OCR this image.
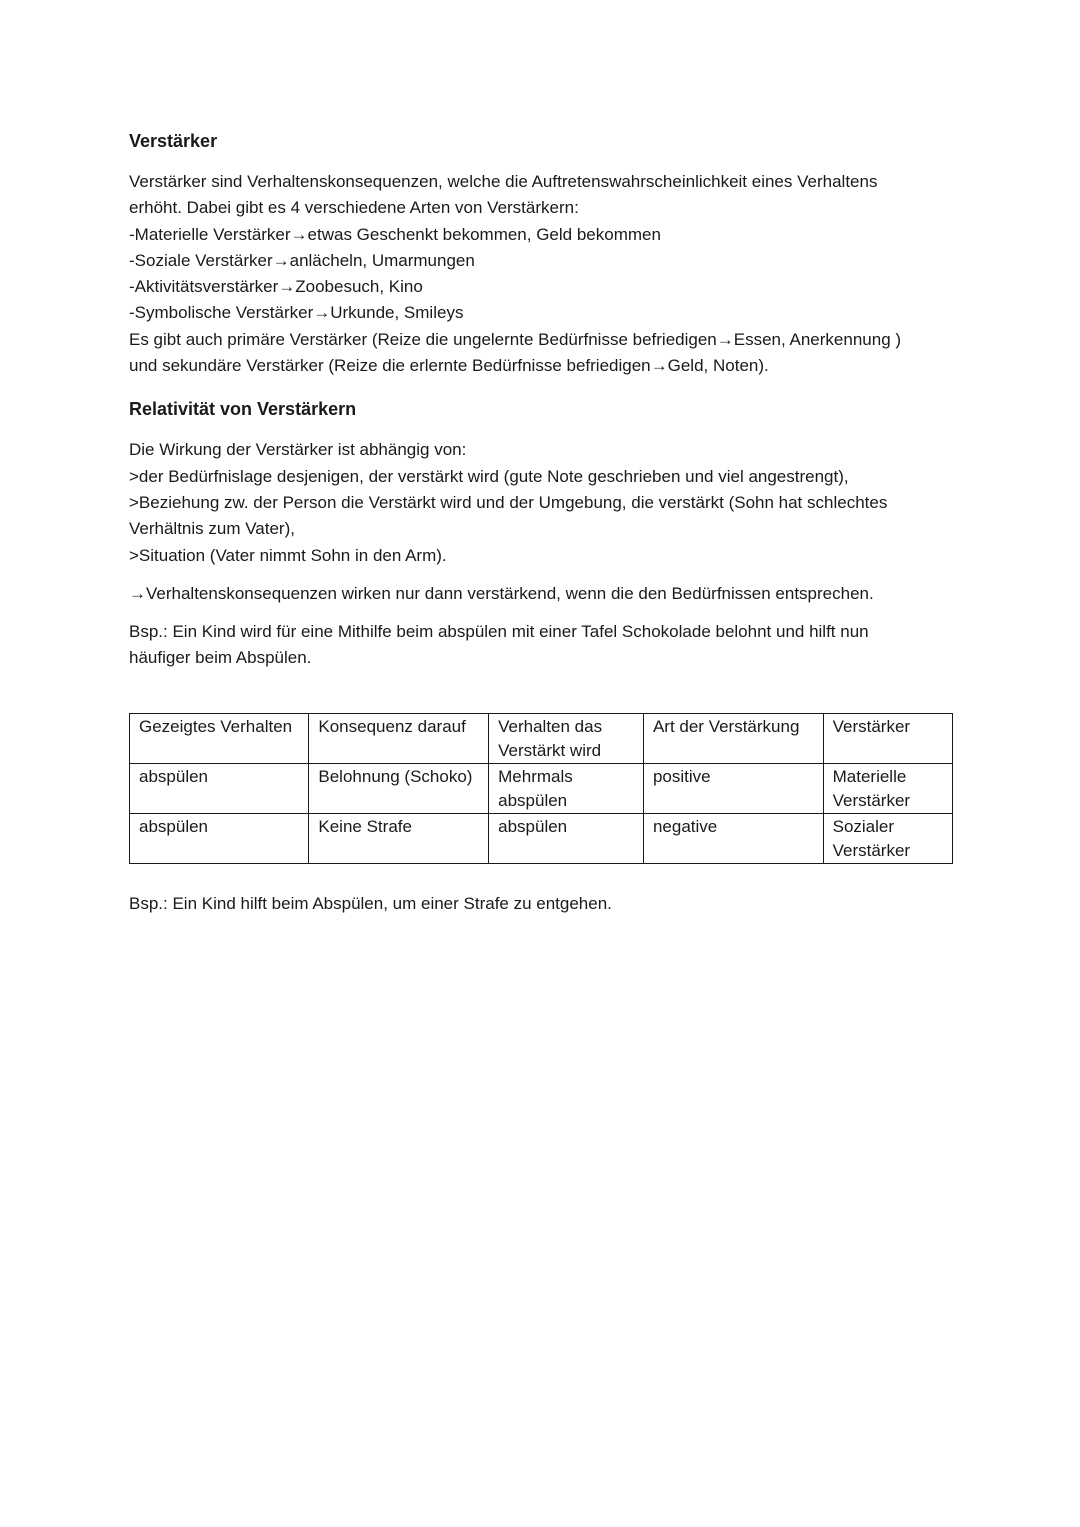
Verstärker

Verstärker sind Verhaltenskonsequenzen, welche die Auftretenswahrscheinlichkeit eines Verhaltens
erhöht. Dabei gibt es 4 verschiedene Arten von Verstärkern:
-Materielle Verstärker→etwas Geschenkt bekommen, Geld bekommen
-Soziale Verstärker→anlächeln, Umarmungen
-Aktivitätsverstärker→Zoobesuch, Kino
-Symbolische Verstärker→Urkunde, Smileys
Es gibt auch primäre Verstärker (Reize die ungelernte Bedürfnisse befriedigen→Essen, Anerkennung )
und sekundäre Verstärker (Reize die erlernte Bedürfnisse befriedigen→Geld, Noten).

Relativität von Verstärkern

Die Wirkung der Verstärker ist abhängig von:
>der Bedürfnislage desjenigen, der verstärkt wird (gute Note geschrieben und viel angestrengt),
>Beziehung zw. der Person die Verstärkt wird und der Umgebung, die verstärkt (Sohn hat schlechtes
Verhältnis zum Vater),
>Situation (Vater nimmt Sohn in den Arm).

→Verhaltenskonsequenzen wirken nur dann verstärkend, wenn die den Bedürfnissen entsprechen.

Bsp.: Ein Kind wird für eine Mithilfe beim abspülen mit einer Tafel Schokolade belohnt und hilft nun
häufiger beim Abspülen.

Gezeigtes Verhalten	Konsequenz darauf	Verhalten das Verstärkt wird	Art der Verstärkung	Verstärker
abspülen	Belohnung (Schoko)	Mehrmals abspülen	positive	Materielle Verstärker
abspülen	Keine Strafe	abspülen	negative	Sozialer Verstärker

Bsp.: Ein Kind hilft beim Abspülen, um einer Strafe zu entgehen.
